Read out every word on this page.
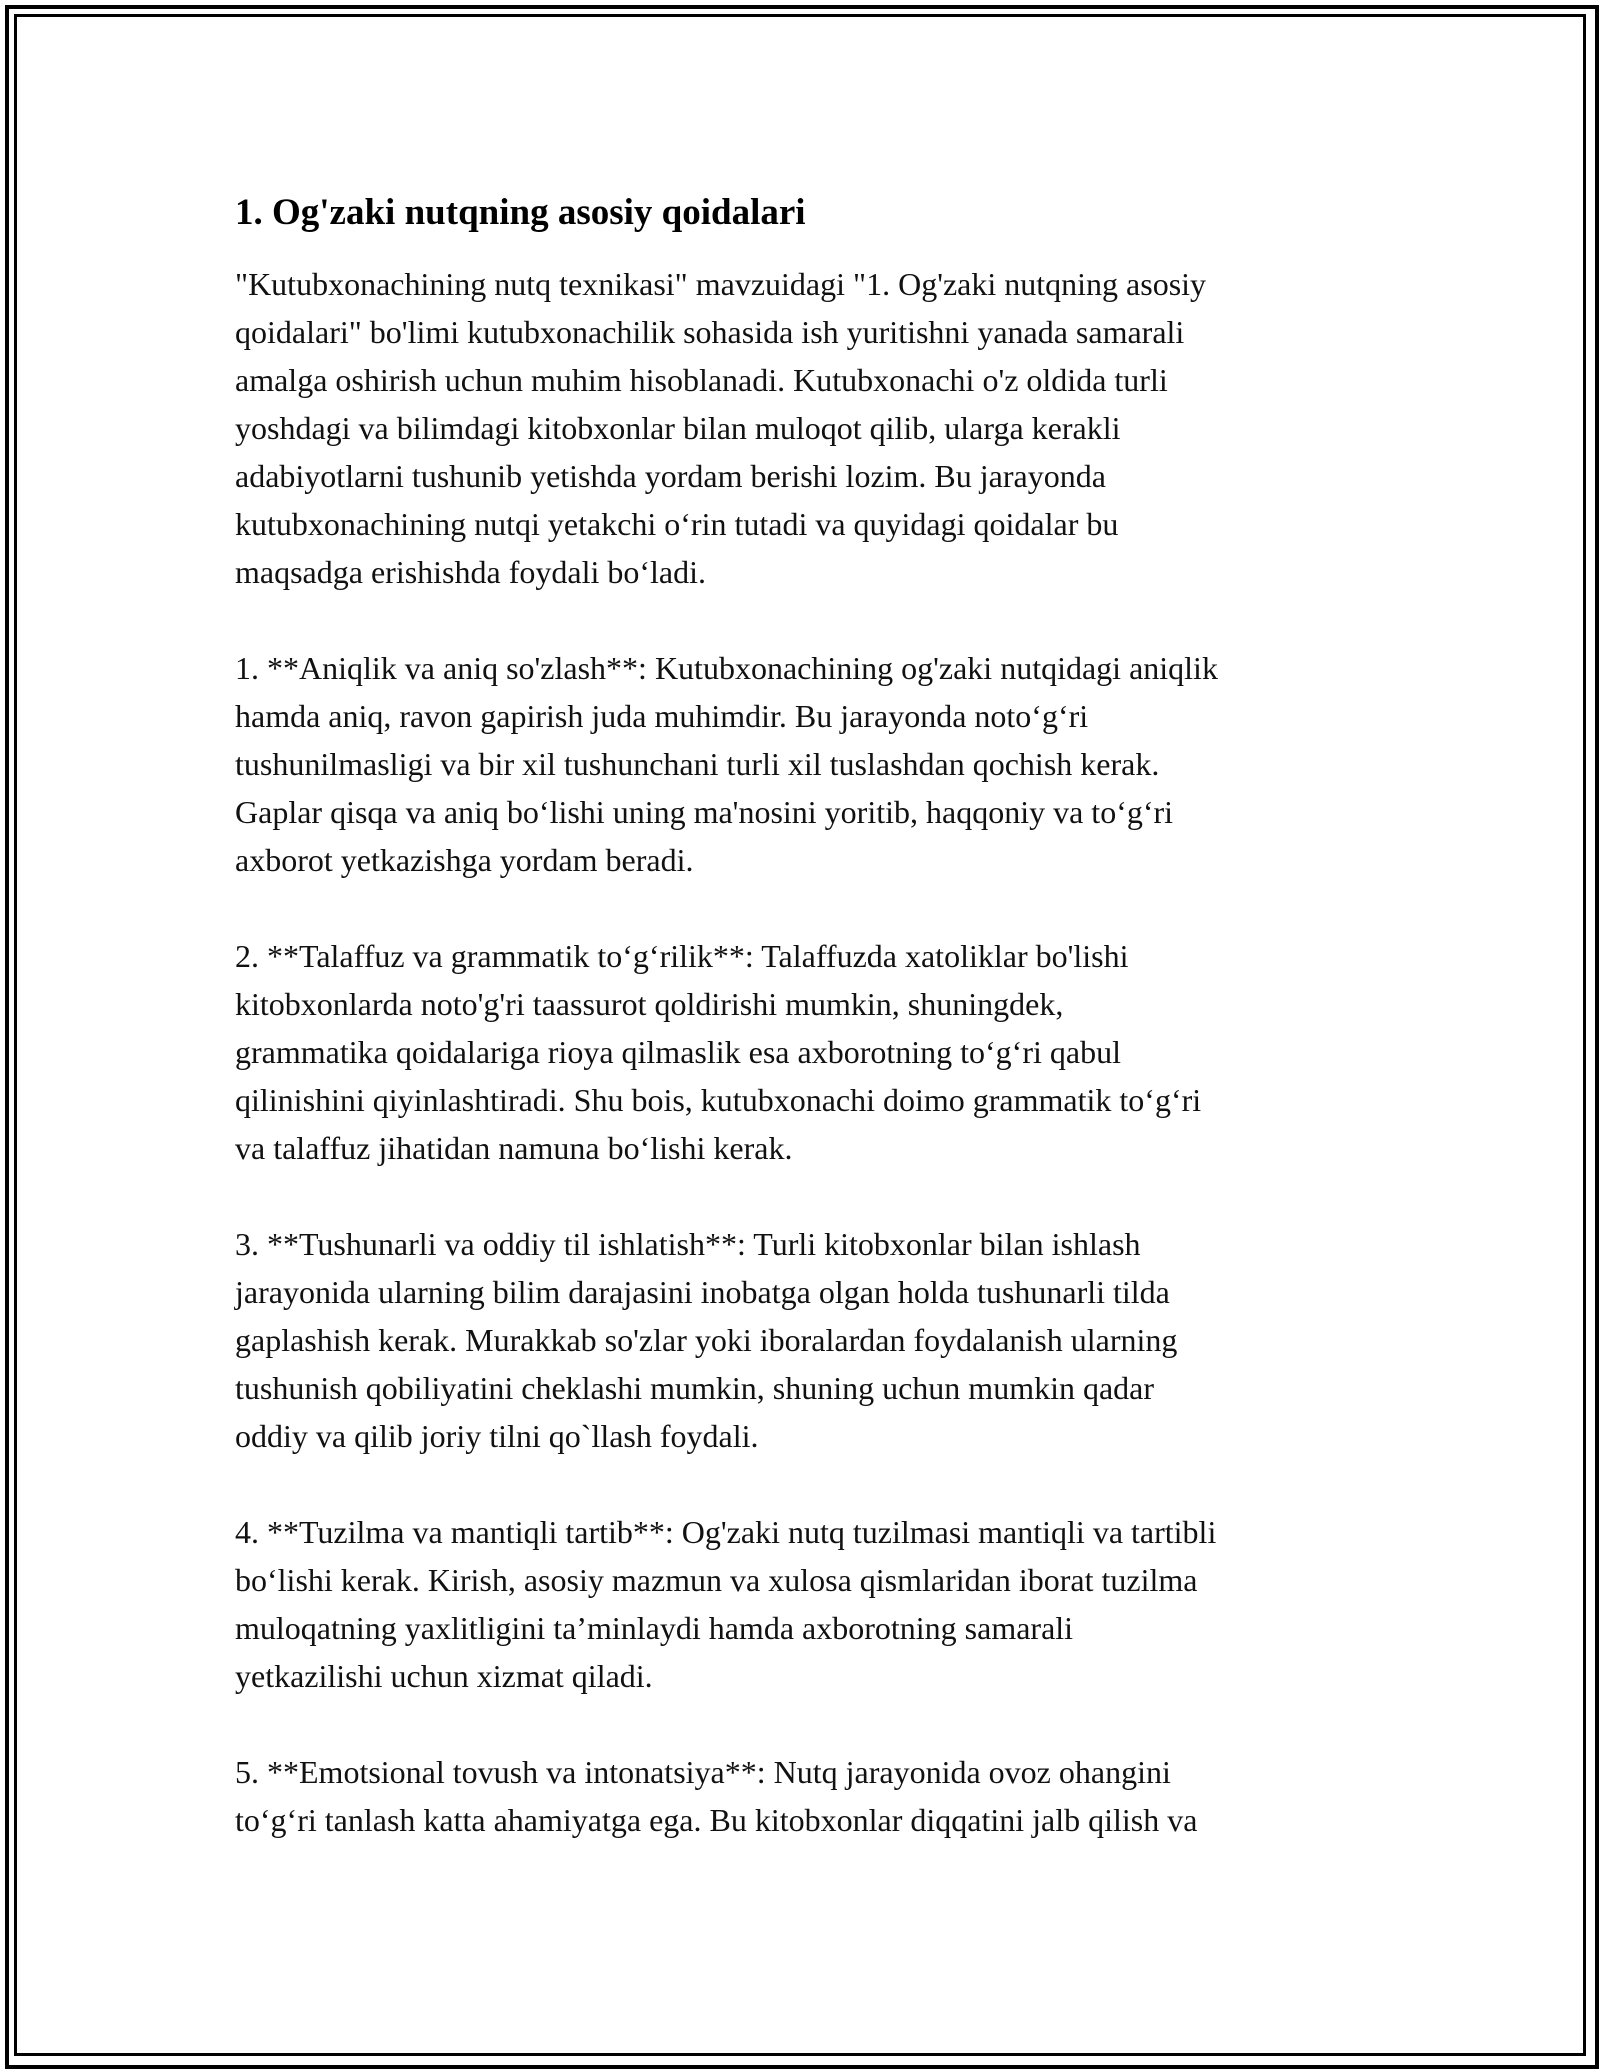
1. Og'zaki nutqning asosiy qoidalari
"Kutubxonachining nutq texnikasi" mavzuidagi "1. Og'zaki nutqning asosiy
qoidalari" bo'limi kutubxonachilik sohasida ish yuritishni yanada samarali
amalga oshirish uchun muhim hisoblanadi. Kutubxonachi o'z oldida turli
yoshdagi va bilimdagi kitobxonlar bilan muloqot qilib, ularga kerakli
adabiyotlarni tushunib yetishda yordam berishi lozim. Bu jarayonda
kutubxonachining nutqi yetakchi o‘rin tutadi va quyidagi qoidalar bu
maqsadga erishishda foydali bo‘ladi.
1. **Aniqlik va aniq so'zlash**: Kutubxonachining og'zaki nutqidagi aniqlik
hamda aniq, ravon gapirish juda muhimdir. Bu jarayonda noto‘g‘ri
tushunilmasligi va bir xil tushunchani turli xil tuslashdan qochish kerak.
Gaplar qisqa va aniq bo‘lishi uning ma'nosini yoritib, haqqoniy va to‘g‘ri
axborot yetkazishga yordam beradi.
2. **Talaffuz va grammatik to‘g‘rilik**: Talaffuzda xatoliklar bo'lishi
kitobxonlarda noto'g'ri taassurot qoldirishi mumkin, shuningdek,
grammatika qoidalariga rioya qilmaslik esa axborotning to‘g‘ri qabul
qilinishini qiyinlashtiradi. Shu bois, kutubxonachi doimo grammatik to‘g‘ri
va talaffuz jihatidan namuna bo‘lishi kerak.
3. **Tushunarli va oddiy til ishlatish**: Turli kitobxonlar bilan ishlash
jarayonida ularning bilim darajasini inobatga olgan holda tushunarli tilda
gaplashish kerak. Murakkab so'zlar yoki iboralardan foydalanish ularning
tushunish qobiliyatini cheklashi mumkin, shuning uchun mumkin qadar
oddiy va qilib joriy tilni qo`llash foydali.
4. **Tuzilma va mantiqli tartib**: Og'zaki nutq tuzilmasi mantiqli va tartibli
bo‘lishi kerak. Kirish, asosiy mazmun va xulosa qismlaridan iborat tuzilma
muloqatning yaxlitligini ta’minlaydi hamda axborotning samarali
yetkazilishi uchun xizmat qiladi.
5. **Emotsional tovush va intonatsiya**: Nutq jarayonida ovoz ohangini
to‘g‘ri tanlash katta ahamiyatga ega. Bu kitobxonlar diqqatini jalb qilish va
